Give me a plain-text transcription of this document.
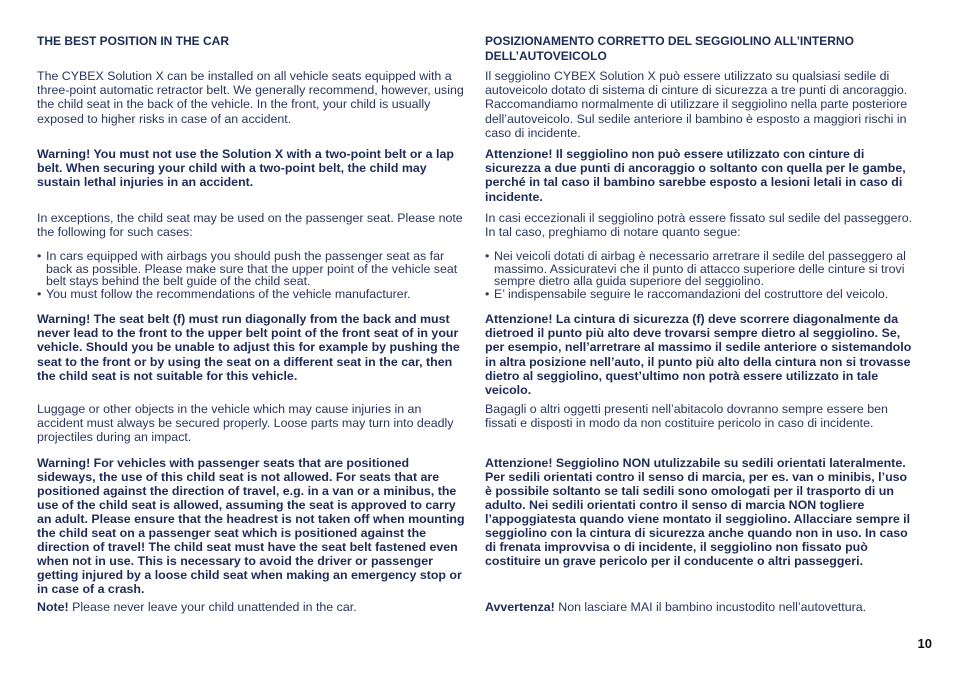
THE BEST POSITION IN THE CAR
The CYBEX Solution X can be installed on all vehicle seats equipped with a three-point automatic retractor belt. We generally recommend, however, using the child seat in the back of the vehicle. In the front, your child is usually exposed to higher risks in case of an accident.
Warning! You must not use the Solution X with a two-point belt or a lap belt. When securing your child with a two-point belt, the child may sustain lethal injuries in an accident.
In exceptions, the child seat may be used on the passenger seat. Please note the following for such cases:
• In cars equipped with airbags you should push the passenger seat as far back as possible. Please make sure that the upper point of the vehicle seat belt stays behind the belt guide of the child seat.
• You must follow the recommendations of the vehicle manufacturer.
Warning! The seat belt (f) must run diagonally from the back and must never lead to the front to the upper belt point of the front seat of in your vehicle. Should you be unable to adjust this for example by pushing the seat to the front or by using the seat on a different seat in the car, then the child seat is not suitable for this vehicle.
Luggage or other objects in the vehicle which may cause injuries in an accident must always be secured properly. Loose parts may turn into deadly projectiles during an impact.
Warning! For vehicles with passenger seats that are positioned sideways, the use of this child seat is not allowed. For seats that are positioned against the direction of travel, e.g. in a van or a minibus, the use of the child seat is allowed, assuming the seat is approved to carry an adult. Please ensure that the headrest is not taken off when mounting the child seat on a passenger seat which is positioned against the direction of travel! The child seat must have the seat belt fastened even when not in use. This is necessary to avoid the driver or passenger getting injured by a loose child seat when making an emergency stop or in case of a crash.
Note! Please never leave your child unattended in the car.
POSIZIONAMENTO CORRETTO DEL SEGGIOLINO ALL’INTERNO DELL’AUTOVEICOLO
Il seggiolino CYBEX Solution X può essere utilizzato su qualsiasi sedile di autoveicolo dotato di sistema di cinture di sicurezza a tre punti di ancoraggio. Raccomandiamo normalmente di utilizzare il seggiolino nella parte posteriore dell’autoveicolo. Sul sedile anteriore il bambino è esposto a maggiori rischi in caso di incidente.
Attenzione! Il seggiolino non può essere utilizzato con cinture di sicurezza a due punti di ancoraggio o soltanto con quella per le gambe, perché in tal caso il bambino sarebbe esposto a lesioni letali in caso di incidente.
In casi eccezionali il seggiolino potrà essere fissato sul sedile del passeggero. In tal caso, preghiamo di notare quanto segue:
• Nei veicoli dotati di airbag è necessario arretrare il sedile del passeggero al massimo. Assicuratevi che il punto di attacco superiore delle cinture si trovi sempre dietro alla guida superiore del seggiolino.
• E’ indispensabile seguire le raccomandazioni del costruttore del veicolo.
Attenzione! La cintura di sicurezza (f) deve scorrere diagonalmente da dietroed il punto più alto deve trovarsi sempre dietro al seggiolino. Se, per esempio, nell’arretrare al massimo il sedile anteriore o sistemandolo in altra posizione nell’auto, il punto più alto della cintura non si trovasse dietro al seggiolino, quest’ultimo non potrà essere utilizzato in tale veicolo.
Bagagli o altri oggetti presenti nell’abitacolo dovranno sempre essere ben fissati e disposti in modo da non costituire pericolo in caso di incidente.
Attenzione! Seggiolino NON utulizzabile su sedili orientati lateralmente. Per sedili orientati contro il senso di marcia, per es. van o minibis, l’uso è possibile soltanto se tali sedili sono omologati per il trasporto di un adulto. Nei sedili orientati contro il senso di marcia NON togliere l’appoggiatesta quando viene montato il seggiolino. Allacciare sempre il seggiolino con la cintura di sicurezza anche quando non in uso. In caso di frenata improvvisa o di incidente, il seggiolino non fissato può costituire un grave pericolo per il conducente o altri passeggeri.
Avvertenza! Non lasciare MAI il bambino incustodito nell’autovettura.
10
